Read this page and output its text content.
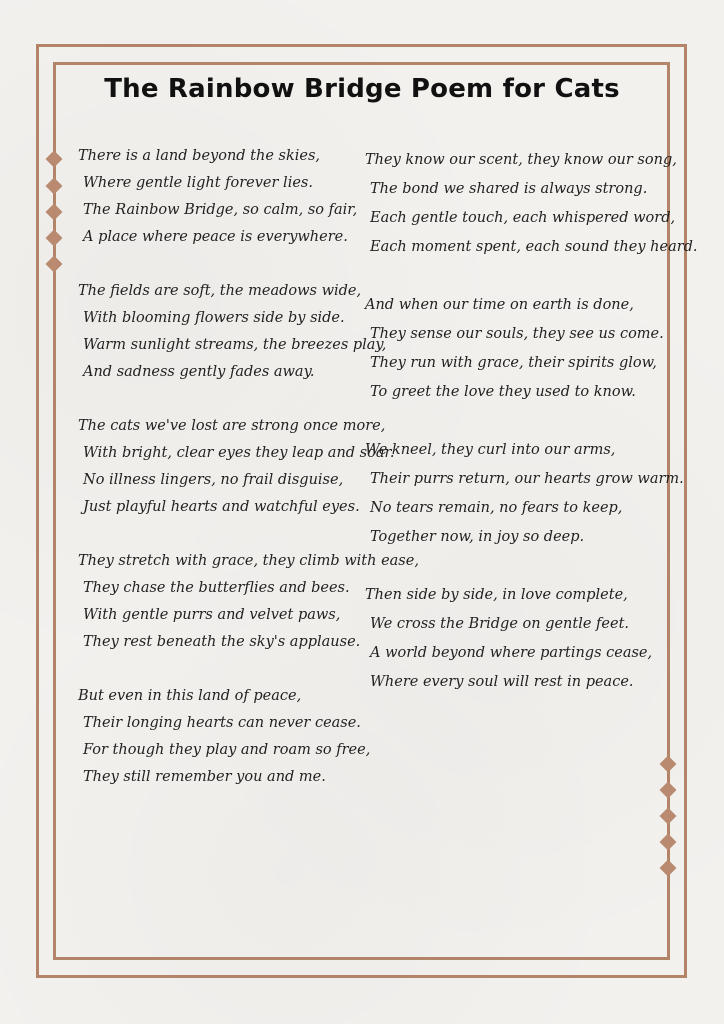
The Rainbow Bridge Poem for Cats
There is a land beyond the skies,
Where gentle light forever lies.
The Rainbow Bridge, so calm, so fair,
A place where peace is everywhere.
The fields are soft, the meadows wide,
With blooming flowers side by side.
Warm sunlight streams, the breezes play,
And sadness gently fades away.
The cats we've lost are strong once more,
With bright, clear eyes they leap and soar.
No illness lingers, no frail disguise,
Just playful hearts and watchful eyes.
They stretch with grace, they climb with ease,
They chase the butterflies and bees.
With gentle purrs and velvet paws,
They rest beneath the sky's applause.
But even in this land of peace,
Their longing hearts can never cease.
For though they play and roam so free,
They still remember you and me.
They know our scent, they know our song,
The bond we shared is always strong.
Each gentle touch, each whispered word,
Each moment spent, each sound they heard.
And when our time on earth is done,
They sense our souls, they see us come.
They run with grace, their spirits glow,
To greet the love they used to know.
We kneel, they curl into our arms,
Their purrs return, our hearts grow warm.
No tears remain, no fears to keep,
Together now, in joy so deep.
Then side by side, in love complete,
We cross the Bridge on gentle feet.
A world beyond where partings cease,
Where every soul will rest in peace.
